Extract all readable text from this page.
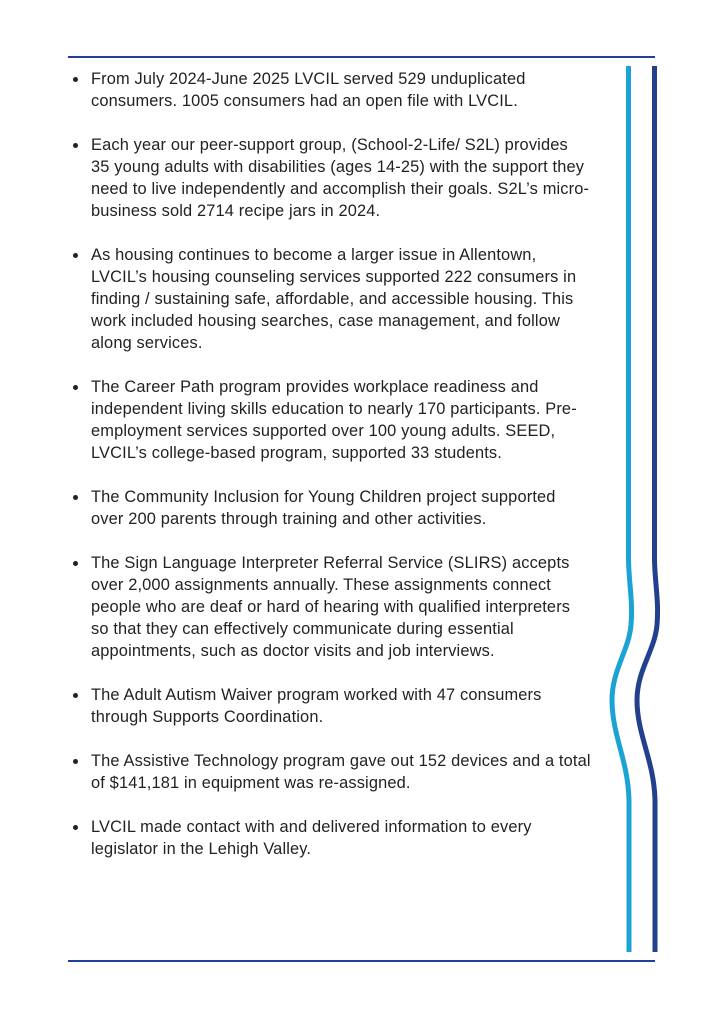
From July 2024-June 2025 LVCIL served 529 unduplicated consumers. 1005 consumers had an open file with LVCIL.
Each year our peer-support group, (School-2-Life/ S2L) provides 35 young adults with disabilities (ages 14-25) with the support they need to live independently and accomplish their goals. S2L’s micro-business sold 2714 recipe jars in 2024.
As housing continues to become a larger issue in Allentown, LVCIL’s housing counseling services supported 222 consumers in finding / sustaining safe, affordable, and accessible housing. This work included housing searches, case management, and follow along services.
The Career Path program provides workplace readiness and independent living skills education to nearly 170 participants. Pre-employment services supported over 100 young adults. SEED, LVCIL’s college-based program, supported 33 students.
The Community Inclusion for Young Children project supported over 200 parents through training and other activities.
The Sign Language Interpreter Referral Service (SLIRS) accepts over 2,000 assignments annually. These assignments connect people who are deaf or hard of hearing with qualified interpreters so that they can effectively communicate during essential appointments, such as doctor visits and job interviews.
The Adult Autism Waiver program worked with 47 consumers through Supports Coordination.
The Assistive Technology program gave out 152 devices and a total of $141,181 in equipment was re-assigned.
LVCIL made contact with and delivered information to every legislator in the Lehigh Valley.
